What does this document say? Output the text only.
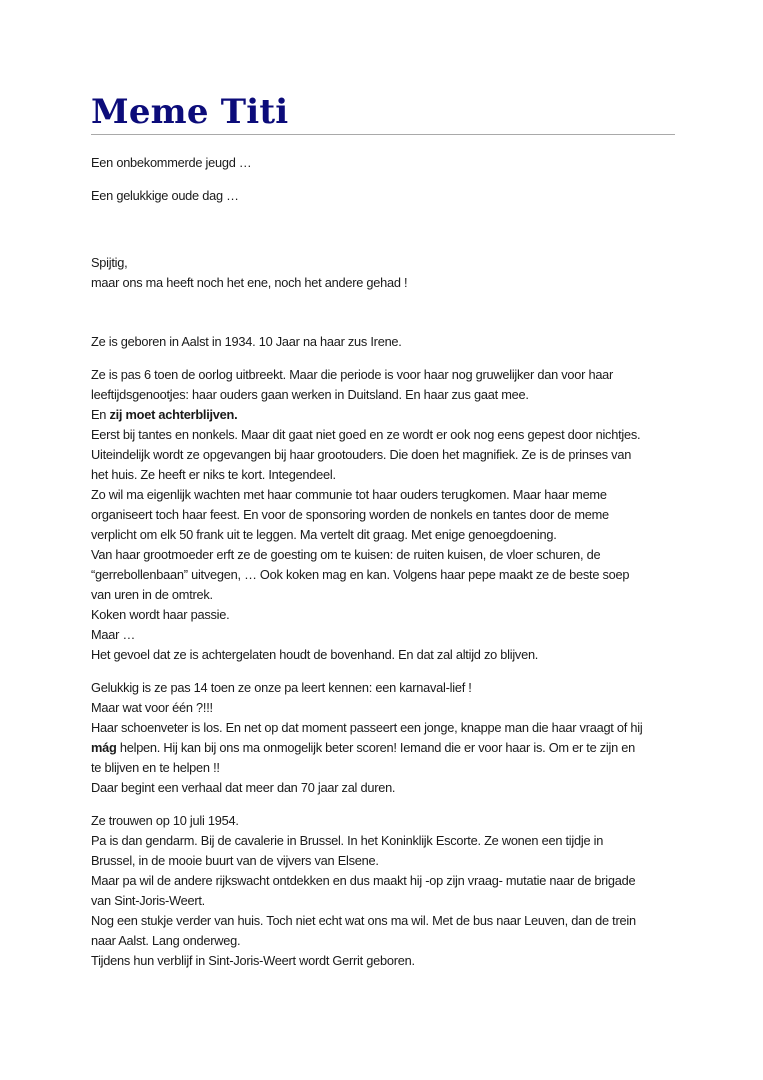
Meme Titi

Een onbekommerde jeugd …

Een gelukkige oude dag …

Spijtig,

maar ons ma heeft noch het ene, noch het andere gehad !

Ze is geboren in Aalst in 1934. 10 Jaar na haar zus Irene.

Ze is pas 6 toen de oorlog uitbreekt. Maar die periode is voor haar nog gruwelijker dan voor haar

leeftijdsgenootjes: haar ouders gaan werken in Duitsland. En haar zus gaat mee.

En zij moet achterblijven.

Eerst bij tantes en nonkels. Maar dit gaat niet goed en ze wordt er ook nog eens gepest door nichtjes.

Uiteindelijk wordt ze opgevangen bij haar grootouders. Die doen het magnifiek. Ze is de prinses van

het huis. Ze heeft er niks te kort. Integendeel.

Zo wil ma eigenlijk wachten met haar communie tot haar ouders terugkomen. Maar haar meme

organiseert toch haar feest. En voor de sponsoring worden de nonkels en tantes door de meme

verplicht om elk 50 frank uit te leggen. Ma vertelt dit graag. Met enige genoegdoening.

Van haar grootmoeder erft ze de goesting om te kuisen: de ruiten kuisen, de vloer schuren, de

“gerrebollenbaan” uitvegen, … Ook koken mag en kan. Volgens haar pepe maakt ze de beste soep

van uren in de omtrek.

Koken wordt haar passie.

Maar …

Het gevoel dat ze is achtergelaten houdt de bovenhand. En dat zal altijd zo blijven.

Gelukkig is ze pas 14 toen ze onze pa leert kennen: een karnaval-lief !

Maar wat voor één ?!!!

Haar schoenveter is los. En net op dat moment passeert een jonge, knappe man die haar vraagt of hij

mág helpen. Hij kan bij ons ma onmogelijk beter scoren! Iemand die er voor haar is. Om er te zijn en

te blijven en te helpen !!

Daar begint een verhaal dat meer dan 70 jaar zal duren.

Ze trouwen op 10 juli 1954.

Pa is dan gendarm. Bij de cavalerie in Brussel. In het Koninklijk Escorte. Ze wonen een tijdje in

Brussel, in de mooie buurt van de vijvers van Elsene.

Maar pa wil de andere rijkswacht ontdekken en dus maakt hij -op zijn vraag- mutatie naar de brigade

van Sint-Joris-Weert.

Nog een stukje verder van huis. Toch niet echt wat ons ma wil. Met de bus naar Leuven, dan de trein

naar Aalst. Lang onderweg.

Tijdens hun verblijf in Sint-Joris-Weert wordt Gerrit geboren.
